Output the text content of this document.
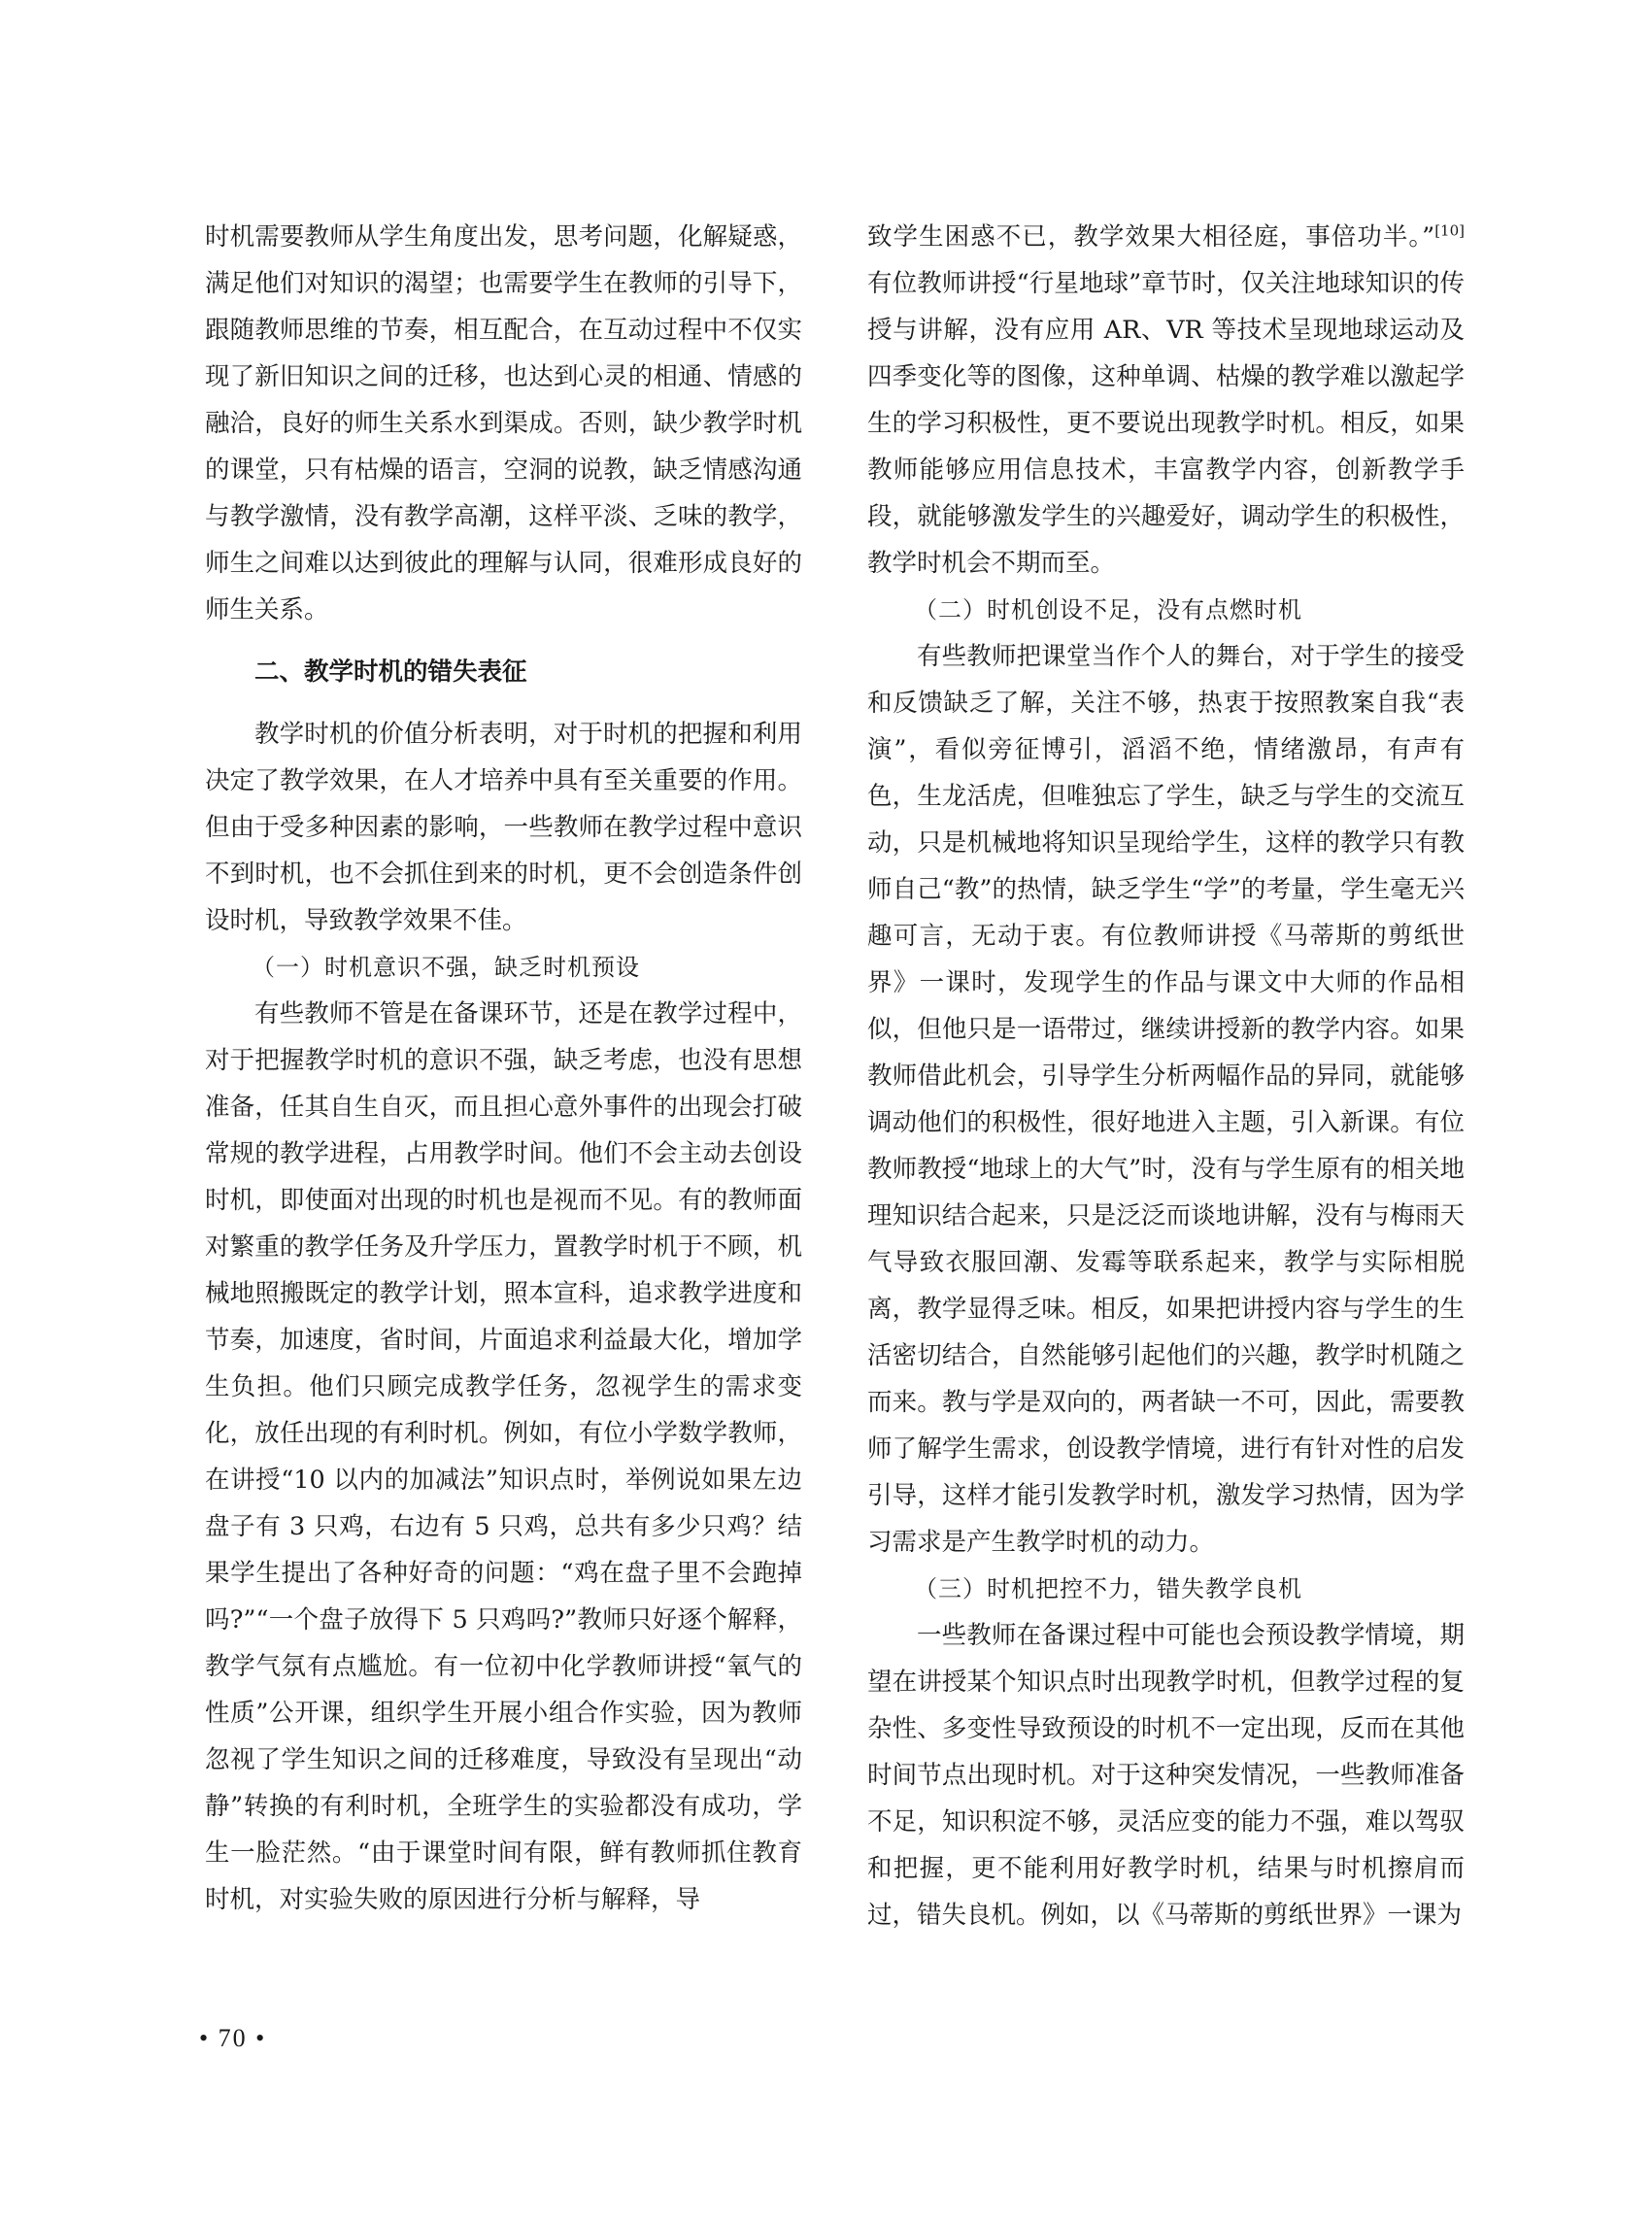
时机需要教师从学生角度出发，思考问题，化解疑惑，满足他们对知识的渴望；也需要学生在教师的引导下，跟随教师思维的节奏，相互配合，在互动过程中不仅实现了新旧知识之间的迁移，也达到心灵的相通、情感的融洽，良好的师生关系水到渠成。否则，缺少教学时机的课堂，只有枯燥的语言，空洞的说教，缺乏情感沟通与教学激情，没有教学高潮，这样平淡、乏味的教学，师生之间难以达到彼此的理解与认同，很难形成良好的师生关系。

二、教学时机的错失表征

教学时机的价值分析表明，对于时机的把握和利用决定了教学效果，在人才培养中具有至关重要的作用。但由于受多种因素的影响，一些教师在教学过程中意识不到时机，也不会抓住到来的时机，更不会创造条件创设时机，导致教学效果不佳。

（一）时机意识不强，缺乏时机预设

有些教师不管是在备课环节，还是在教学过程中，对于把握教学时机的意识不强，缺乏考虑，也没有思想准备，任其自生自灭，而且担心意外事件的出现会打破常规的教学进程，占用教学时间。他们不会主动去创设时机，即使面对出现的时机也是视而不见。有的教师面对繁重的教学任务及升学压力，置教学时机于不顾，机械地照搬既定的教学计划，照本宣科，追求教学进度和节奏，加速度，省时间，片面追求利益最大化，增加学生负担。他们只顾完成教学任务，忽视学生的需求变化，放任出现的有利时机。例如，有位小学数学教师，在讲授“10 以内的加减法”知识点时，举例说如果左边盘子有 3 只鸡，右边有 5 只鸡，总共有多少只鸡？结果学生提出了各种好奇的问题：“鸡在盘子里不会跑掉吗?”“一个盘子放得下 5 只鸡吗?”教师只好逐个解释，教学气氛有点尴尬。有一位初中化学教师讲授“氧气的性质”公开课，组织学生开展小组合作实验，因为教师忽视了学生知识之间的迁移难度，导致没有呈现出“动静”转换的有利时机，全班学生的实验都没有成功，学生一脸茫然。“由于课堂时间有限，鲜有教师抓住教育时机，对实验失败的原因进行分析与解释，导

致学生困惑不已，教学效果大相径庭，事倍功半。”[10]有位教师讲授“行星地球”章节时，仅关注地球知识的传授与讲解，没有应用 AR、VR 等技术呈现地球运动及四季变化等的图像，这种单调、枯燥的教学难以激起学生的学习积极性，更不要说出现教学时机。相反，如果教师能够应用信息技术，丰富教学内容，创新教学手段，就能够激发学生的兴趣爱好，调动学生的积极性，教学时机会不期而至。

（二）时机创设不足，没有点燃时机

有些教师把课堂当作个人的舞台，对于学生的接受和反馈缺乏了解，关注不够，热衷于按照教案自我“表演”，看似旁征博引，滔滔不绝，情绪激昂，有声有色，生龙活虎，但唯独忘了学生，缺乏与学生的交流互动，只是机械地将知识呈现给学生，这样的教学只有教师自己“教”的热情，缺乏学生“学”的考量，学生毫无兴趣可言，无动于衷。有位教师讲授《马蒂斯的剪纸世界》一课时，发现学生的作品与课文中大师的作品相似，但他只是一语带过，继续讲授新的教学内容。如果教师借此机会，引导学生分析两幅作品的异同，就能够调动他们的积极性，很好地进入主题，引入新课。有位教师教授“地球上的大气”时，没有与学生原有的相关地理知识结合起来，只是泛泛而谈地讲解，没有与梅雨天气导致衣服回潮、发霉等联系起来，教学与实际相脱离，教学显得乏味。相反，如果把讲授内容与学生的生活密切结合，自然能够引起他们的兴趣，教学时机随之而来。教与学是双向的，两者缺一不可，因此，需要教师了解学生需求，创设教学情境，进行有针对性的启发引导，这样才能引发教学时机，激发学习热情，因为学习需求是产生教学时机的动力。

（三）时机把控不力，错失教学良机

一些教师在备课过程中可能也会预设教学情境，期望在讲授某个知识点时出现教学时机，但教学过程的复杂性、多变性导致预设的时机不一定出现，反而在其他时间节点出现时机。对于这种突发情况，一些教师准备不足，知识积淀不够，灵活应变的能力不强，难以驾驭和把握，更不能利用好教学时机，结果与时机擦肩而过，错失良机。例如，以《马蒂斯的剪纸世界》一课为

• 70 •
